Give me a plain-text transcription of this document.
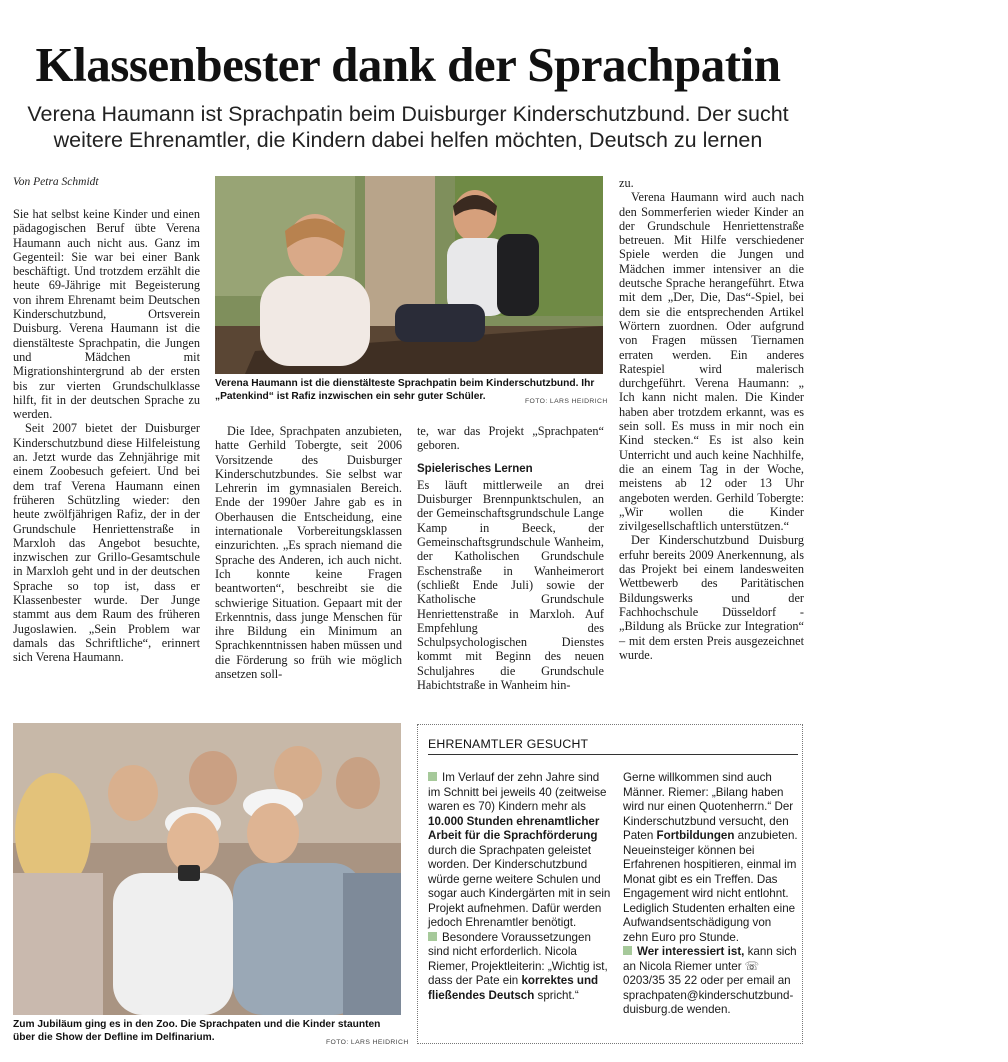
Klassenbester dank der Sprachpatin

Verena Haumann ist Sprachpatin beim Duisburger Kinderschutzbund. Der sucht weitere Ehrenamtler, die Kindern dabei helfen möchten, Deutsch zu lernen

Von Petra Schmidt

Sie hat selbst keine Kinder und einen pädagogischen Beruf übte Verena Haumann auch nicht aus. Ganz im Gegenteil: Sie war bei einer Bank beschäftigt. Und trotzdem erzählt die heute 69-Jährige mit Begeisterung von ihrem Ehrenamt beim Deutschen Kinderschutzbund, Ortsverein Duisburg. Verena Haumann ist die dienstälteste Sprachpatin, die Jungen und Mädchen mit Migrationshintergrund ab der ersten bis zur vierten Grundschulklasse hilft, fit in der deutschen Sprache zu werden.

Seit 2007 bietet der Duisburger Kinderschutzbund diese Hilfeleistung an. Jetzt wurde das Zehnjährige mit einem Zoobesuch gefeiert. Und bei dem traf Verena Haumann einen früheren Schützling wieder: den heute zwölfjährigen Rafiz, der in der Grundschule Henriettenstraße in Marxloh das Angebot besuchte, inzwischen zur Grillo-Gesamtschule in Marxloh geht und in der deutschen Sprache so top ist, dass er Klassenbester wurde. Der Junge stammt aus dem Raum des früheren Jugoslawien. „Sein Problem war damals das Schriftliche“, erinnert sich Verena Haumann.

Verena Haumann ist die dienstälteste Sprachpatin beim Kinderschutzbund. Ihr „Patenkind“ ist Rafiz inzwischen ein sehr guter Schüler.	FOTO: LARS HEIDRICH

Die Idee, Sprachpaten anzubieten, hatte Gerhild Tobergte, seit 2006 Vorsitzende des Duisburger Kinderschutzbundes. Sie selbst war Lehrerin im gymnasialen Bereich. Ende der 1990er Jahre gab es in Oberhausen die Entscheidung, eine internationale Vorbereitungsklassen einzurichten. „Es sprach niemand die Sprache des Anderen, ich auch nicht. Ich konnte keine Fragen beantworten“, beschreibt sie die schwierige Situation. Gepaart mit der Erkenntnis, dass junge Menschen für ihre Bildung ein Minimum an Sprachkenntnissen haben müssen und die Förderung so früh wie möglich ansetzen soll-

te, war das Projekt „Sprachpaten“ geboren.

Spielerisches Lernen

Es läuft mittlerweile an drei Duisburger Brennpunktschulen, an der Gemeinschaftsgrundschule Lange Kamp in Beeck, der Gemeinschaftsgrundschule Wanheim, der Katholischen Grundschule Eschenstraße in Wanheimerort (schließt Ende Juli) sowie der Katholische Grundschule Henriettenstraße in Marxloh. Auf Empfehlung des Schulpsychologischen Dienstes kommt mit Beginn des neuen Schuljahres die Grundschule Habichtstraße in Wanheim hin-

zu.

Verena Haumann wird auch nach den Sommerferien wieder Kinder an der Grundschule Henriettenstraße betreuen. Mit Hilfe verschiedener Spiele werden die Jungen und Mädchen immer intensiver an die deutsche Sprache herangeführt. Etwa mit dem „Der, Die, Das“-Spiel, bei dem sie die entsprechenden Artikel Wörtern zuordnen. Oder aufgrund von Fragen müssen Tiernamen erraten werden. Ein anderes Ratespiel wird malerisch durchgeführt. Verena Haumann: „ Ich kann nicht malen. Die Kinder haben aber trotzdem erkannt, was es sein soll. Es muss in mir noch ein Kind stecken.“ Es ist also kein Unterricht und auch keine Nachhilfe, die an einem Tag in der Woche, meistens ab 12 oder 13 Uhr angeboten werden. Gerhild Tobergte: „Wir wollen die Kinder zivilgesellschaftlich unterstützen.“

Der Kinderschutzbund Duisburg erfuhr bereits 2009 Anerkennung, als das Projekt bei einem landesweiten Wettbewerb des Paritätischen Bildungswerks und der Fachhochschule Düsseldorf - „Bildung als Brücke zur Integration“ – mit dem ersten Preis ausgezeichnet wurde.

Zum Jubiläum ging es in den Zoo. Die Sprachpaten und die Kinder staunten über die Show der Defline im Delfinarium.	FOTO: LARS HEIDRICH
EHRENAMTLER GESUCHT

Im Verlauf der zehn Jahre sind im Schnitt bei jeweils 40 (zeitweise waren es 70) Kindern mehr als 10.000 Stunden ehrenamtlicher Arbeit für die Sprachförderung durch die Sprachpaten geleistet worden. Der Kinderschutzbund würde gerne weitere Schulen und sogar auch Kindergärten mit in sein Projekt aufnehmen. Dafür werden jedoch Ehrenamtler benötigt.

Besondere Voraussetzungen sind nicht erforderlich. Nicola Riemer, Projektleiterin: „Wichtig ist, dass der Pate ein korrektes und fließendes Deutsch spricht.“

Gerne willkommen sind auch Männer. Riemer: „Bilang haben wird nur einen Quotenherrn.“ Der Kinderschutzbund versucht, den Paten Fortbildungen anzubieten. Neueinsteiger können bei Erfahrenen hospitieren, einmal im Monat gibt es ein Treffen. Das Engagement wird nicht entlohnt. Lediglich Studenten erhalten eine Aufwandsentschädigung von zehn Euro pro Stunde.

Wer interessiert ist, kann sich an Nicola Riemer unter ☏ 0203/35 35 22 oder per email an sprachpaten@kinderschutzbund-duisburg.de wenden.
